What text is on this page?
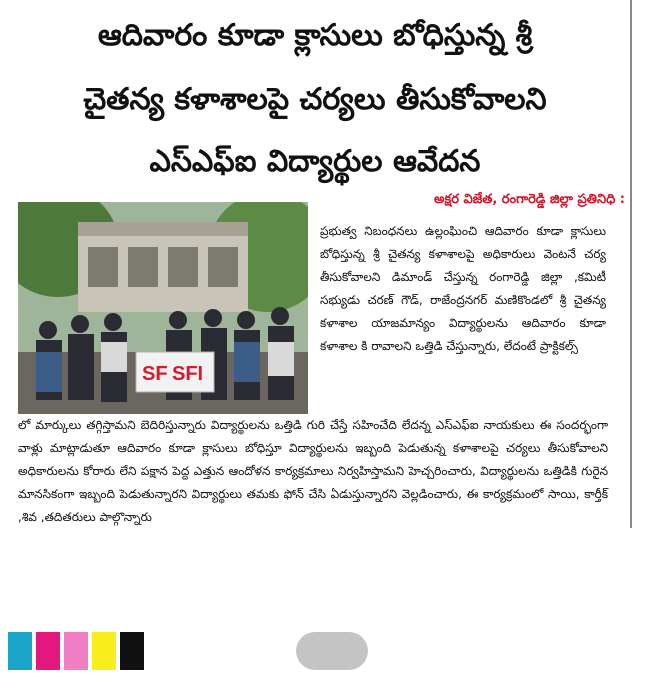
ఆదివారం కూడా క్లాసులు బోధిస్తున్న శ్రీ
చైతన్య కళాశాలపై చర్యలు తీసుకోవాలని
ఎస్ఎఫ్ఐ విద్యార్థుల ఆవేదన
అక్షర విజేత, రంగారెడ్డి జిల్లా ప్రతినిధి :
SF SFI

ప్రభుత్వ నిబంధనలు ఉల్లంఘించి ఆదివారం కూడా క్లాసులు బోధిస్తున్న శ్రీ చైతన్య కళాశాలపై అధికారులు వెంటనే చర్య తీసుకోవాలని డిమాండ్ చేస్తున్న రంగారెడ్డి జిల్లా ,కమిటీ సభ్యుడు చరణ్ గౌడ్, రాజేంద్రనగర్ మణికొండలో శ్రీ చైతన్య కళాశాల యాజమాన్యం విద్యార్థులను ఆదివారం కూడా కళాశాల కి రావాలని ఒత్తిడి చేస్తున్నారు, లేదంటే ప్రాక్టికల్స్

లో మార్కులు తగ్గిస్తామని బెదిరిస్తున్నారు విద్యార్థులను ఒత్తిడి గురి చేస్తే సహించేది లేదన్న ఎస్ఎఫ్ఐ నాయకులు ఈ సందర్భంగా వాళ్లు మాట్లాడుతూ ఆదివారం కూడా క్లాసులు బోధిస్తూ విద్యార్థులను ఇబ్బంది పెడుతున్న కళాశాలపై చర్యలు తీసుకోవాలని అధికారులను కోరారు లేని పక్షాన పెద్ద ఎత్తున ఆందోళన కార్యక్రమాలు నిర్వహిస్తామని హెచ్చరించారు, విద్యార్థులను ఒత్తిడికి గురైన మానసికంగా ఇబ్బంది పెడుతున్నారని విద్యార్థులు తమకు ఫోన్ చేసి ఏడుస్తున్నారని వెల్లడించారు, ఈ కార్యక్రమంలో సాయి, కార్తీక్ ,శివ ,తదితరులు పాల్గొన్నారు
